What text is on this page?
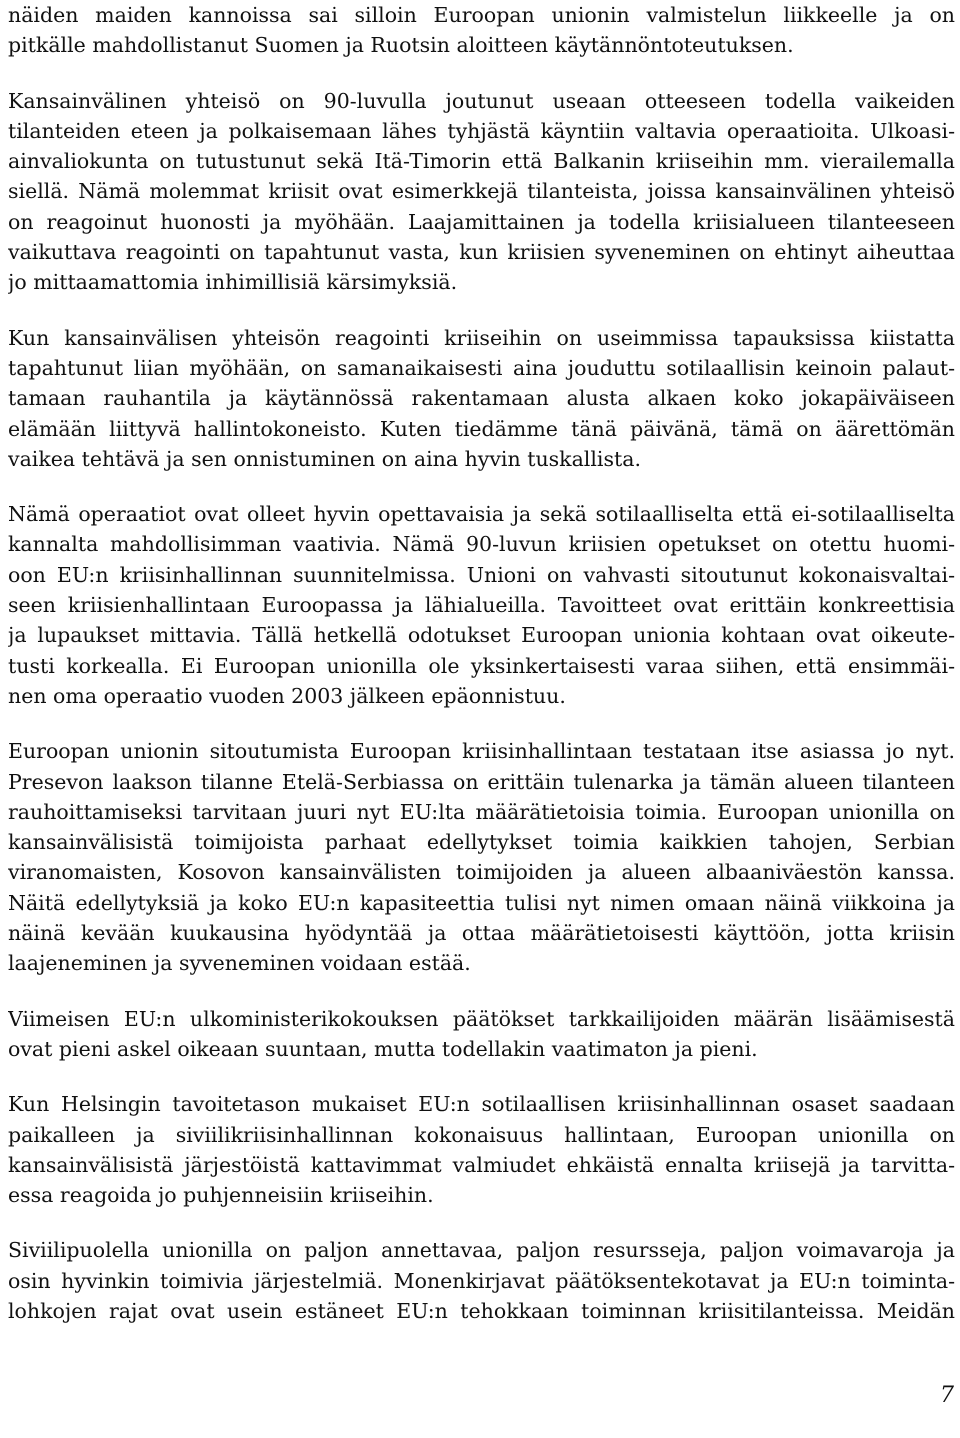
näiden maiden kannoissa sai silloin Euroopan unionin valmistelun liikkeelle ja on
pitkälle mahdollistanut Suomen ja Ruotsin aloitteen käytännöntoteutuksen.
Kansainvälinen yhteisö on 90-luvulla joutunut useaan otteeseen todella vaikeiden
tilanteiden eteen ja polkaisemaan lähes tyhjästä käyntiin valtavia operaatioita. Ulkoasi-
ainvaliokunta on tutustunut sekä Itä-Timorin että Balkanin kriiseihin mm. vierailemalla
siellä. Nämä molemmat kriisit ovat esimerkkejä tilanteista, joissa kansainvälinen yhteisö
on reagoinut huonosti ja myöhään. Laajamittainen ja todella kriisialueen tilanteeseen
vaikuttava reagointi on tapahtunut vasta, kun kriisien syveneminen on ehtinyt aiheuttaa
jo mittaamattomia inhimillisiä kärsimyksiä.
Kun kansainvälisen yhteisön reagointi kriiseihin on useimmissa tapauksissa kiistatta
tapahtunut liian myöhään, on samanaikaisesti aina jouduttu sotilaallisin keinoin palaut-
tamaan rauhantila ja käytännössä rakentamaan alusta alkaen koko jokapäiväiseen
elämään liittyvä hallintokoneisto. Kuten tiedämme tänä päivänä, tämä on äärettömän
vaikea tehtävä ja sen onnistuminen on aina hyvin tuskallista.
Nämä operaatiot ovat olleet hyvin opettavaisia ja sekä sotilaalliselta että ei-sotilaalliselta
kannalta mahdollisimman vaativia. Nämä 90-luvun kriisien opetukset on otettu huomi-
oon EU:n kriisinhallinnan suunnitelmissa. Unioni on vahvasti sitoutunut kokonaisvaltai-
seen kriisienhallintaan Euroopassa ja lähialueilla. Tavoitteet ovat erittäin konkreettisia
ja lupaukset mittavia. Tällä hetkellä odotukset Euroopan unionia kohtaan ovat oikeute-
tusti korkealla. Ei Euroopan unionilla ole yksinkertaisesti varaa siihen, että ensimmäi-
nen oma operaatio vuoden 2003 jälkeen epäonnistuu.
Euroopan unionin sitoutumista Euroopan kriisinhallintaan testataan itse asiassa jo nyt.
Presevon laakson tilanne Etelä-Serbiassa on erittäin tulenarka ja tämän alueen tilanteen
rauhoittamiseksi tarvitaan juuri nyt EU:lta määrätietoisia toimia. Euroopan unionilla on
kansainvälisistä toimijoista parhaat edellytykset toimia kaikkien tahojen, Serbian
viranomaisten, Kosovon kansainvälisten toimijoiden ja alueen albaaniväestön kanssa.
Näitä edellytyksiä ja koko EU:n kapasiteettia tulisi nyt nimen omaan näinä viikkoina ja
näinä kevään kuukausina hyödyntää ja ottaa määrätietoisesti käyttöön, jotta kriisin
laajeneminen ja syveneminen voidaan estää.
Viimeisen EU:n ulkoministerikokouksen päätökset tarkkailijoiden määrän lisäämisestä
ovat pieni askel oikeaan suuntaan, mutta todellakin vaatimaton ja pieni.
Kun Helsingin tavoitetason mukaiset EU:n sotilaallisen kriisinhallinnan osaset saadaan
paikalleen ja siviilikriisinhallinnan kokonaisuus hallintaan, Euroopan unionilla on
kansainvälisistä järjestöistä kattavimmat valmiudet ehkäistä ennalta kriisejä ja tarvitta-
essa reagoida jo puhjenneisiin kriiseihin.
Siviilipuolella unionilla on paljon annettavaa, paljon resursseja, paljon voimavaroja ja
osin hyvinkin toimivia järjestelmiä. Monenkirjavat päätöksentekotavat ja EU:n toiminta-
lohkojen rajat ovat usein estäneet EU:n tehokkaan toiminnan kriisitilanteissa. Meidän
7
